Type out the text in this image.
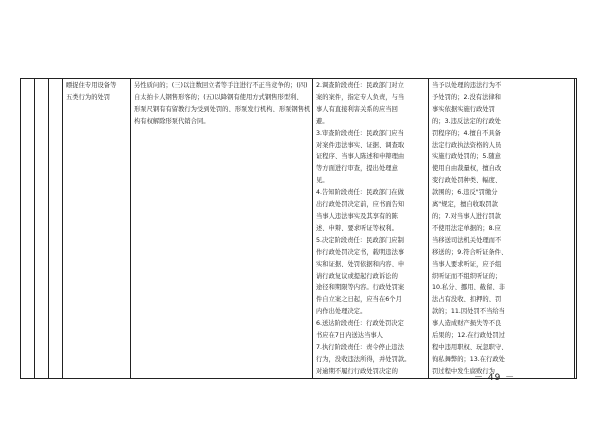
瞟捉住专用设备等
五类行为的处罚

另性质问的；(三)以注数回立者等手注进行不正当竞争的；(四)
自太拍卡人钢售形客的；(五)以降钢有使用方式钢售形型利、
形泵尺钢有有留教行为受到处罚的、形泵发行机构、形泵钢售机
构有权解除形泵代销合同。

2.调查阶段责任：民政部门对立
案的案件，指定专人负责，与当
事人有直接利害关系的应当回
避。
3.审查阶段责任：民政部门应当
对案件违法事实、证据、调查取
证程序、当事人陈述和申辩理由
等方面进行审查，提出处理意
见。
4.告知阶段责任：民政部门在做
出行政处罚决定前，应书面告知
当事人违法事实及其享有的陈
述、申辩、要求听证等权利。
5.决定阶段责任：民政部门应制
作行政处罚决定书，载明违法事
实和证据、处罚依据和内容、申
请行政复议或提起行政诉讼的
途径和期限等内容。行政处罚案
件自立案之日起，应当在6个月
内作出处理决定。
6.送达阶段责任：行政处罚决定
书应在7日内送达当事人
7.执行阶段责任：责令停止违法
行为，没收违法所得，并处罚款。
对逾期不履行行政处罚决定的

当予以处理的违法行为不
予处罚的；2.没有法律和
事实依据实施行政处罚
的；3.违反法定的行政处
罚程序的；4.擅自不具备
法定行政执法资格的人员
实施行政处罚的；5.随意
使用自由裁量权，擅自改
变行政处罚种类、幅度、
款围的；6.违反"罚缴分
离"规定，擅自收取罚款
的；7.对当事人进行罚款
不使用法定单据的；8.应
当移送司法机关处理而不
移送的；9.符合听证条件、
当事人要求听证，应予组
织听证而不组织听证的；
10.私分、挪用、截留、非
法占有没收、扣押的、罚
款的；11.因处罚不当给当
事人造成财产损失等不良
后果的；12.在行政处罚过
程中违用职权、玩忽职守、
徇私舞弊的；13.在行政处
罚过程中发生腐败行为

－ 49 －
